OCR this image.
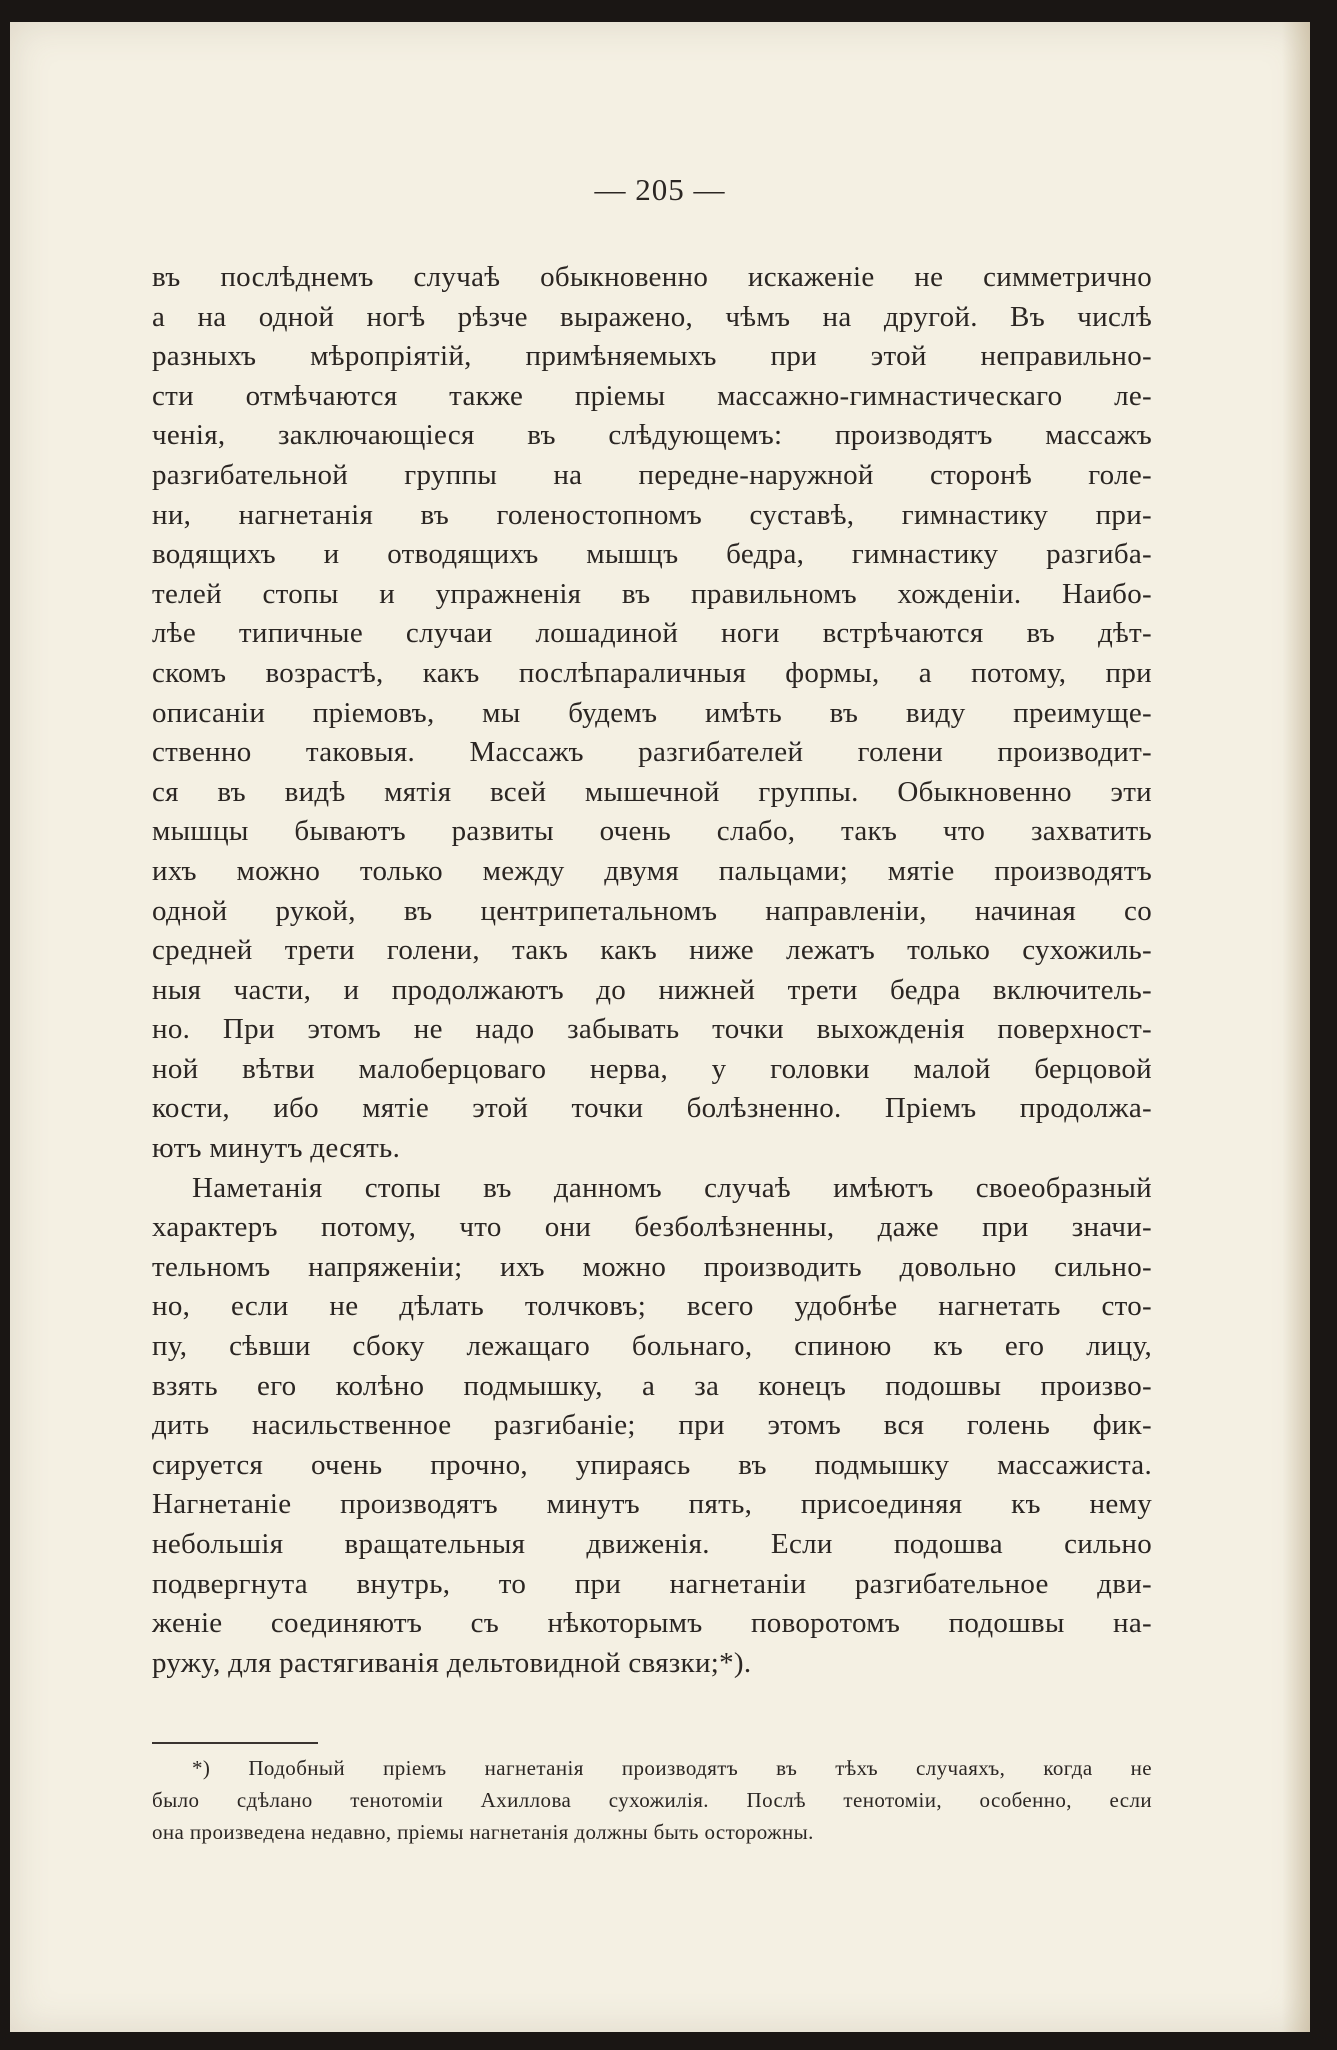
— 205 —
въ послѣднемъ случаѣ обыкновенно искаженіе не симметрично
а на одной ногѣ рѣзче выражено, чѣмъ на другой. Въ числѣ
разныхъ мѣропріятій, примѣняемыхъ при этой неправильно-
сти отмѣчаются также пріемы массажно-гимнастическаго ле-
ченія, заключающіеся въ слѣдующемъ: производятъ массажъ
разгибательной группы на передне-наружной сторонѣ голе-
ни, нагнетанія въ голеностопномъ суставѣ, гимнастику при-
водящихъ и отводящихъ мышцъ бедра, гимнастику разгиба-
телей стопы и упражненія въ правильномъ хожденіи. Наибо-
лѣе типичные случаи лошадиной ноги встрѣчаются въ дѣт-
скомъ возрастѣ, какъ послѣпараличныя формы, а потому, при
описаніи пріемовъ, мы будемъ имѣть въ виду преимуще-
ственно таковыя. Массажъ разгибателей голени производит-
ся въ видѣ мятія всей мышечной группы. Обыкновенно эти
мышцы бываютъ развиты очень слабо, такъ что захватить
ихъ можно только между двумя пальцами; мятіе производятъ
одной рукой, въ центрипетальномъ направленіи, начиная со
средней трети голени, такъ какъ ниже лежатъ только сухожиль-
ныя части, и продолжаютъ до нижней трети бедра включитель-
но. При этомъ не надо забывать точки выхожденія поверхност-
ной вѣтви малоберцоваго нерва, у головки малой берцовой
кости, ибо мятіе этой точки болѣзненно. Пріемъ продолжа-
ютъ минутъ десять.
Наметанія стопы въ данномъ случаѣ имѣютъ своеобразный
характеръ потому, что они безболѣзненны, даже при значи-
тельномъ напряженіи; ихъ можно производить довольно сильно-
но, если не дѣлать толчковъ; всего удобнѣе нагнетать сто-
пу, сѣвши сбоку лежащаго больнаго, спиною къ его лицу,
взять его колѣно подмышку, а за конецъ подошвы произво-
дить насильственное разгибаніе; при этомъ вся голень фик-
сируется очень прочно, упираясь въ подмышку массажиста.
Нагнетаніе производятъ минутъ пять, присоединяя къ нему
небольшія вращательныя движенія. Если подошва сильно
подвергнута внутрь, то при нагнетаніи разгибательное дви-
женіе соединяютъ съ нѣкоторымъ поворотомъ подошвы на-
ружу, для растягиванія дельтовидной связки;*).
*) Подобный пріемъ нагнетанія производятъ въ тѣхъ случаяхъ, когда не
было сдѣлано тенотоміи Ахиллова сухожилія. Послѣ тенотоміи, особенно, если
она произведена недавно, пріемы нагнетанія должны быть осторожны.
